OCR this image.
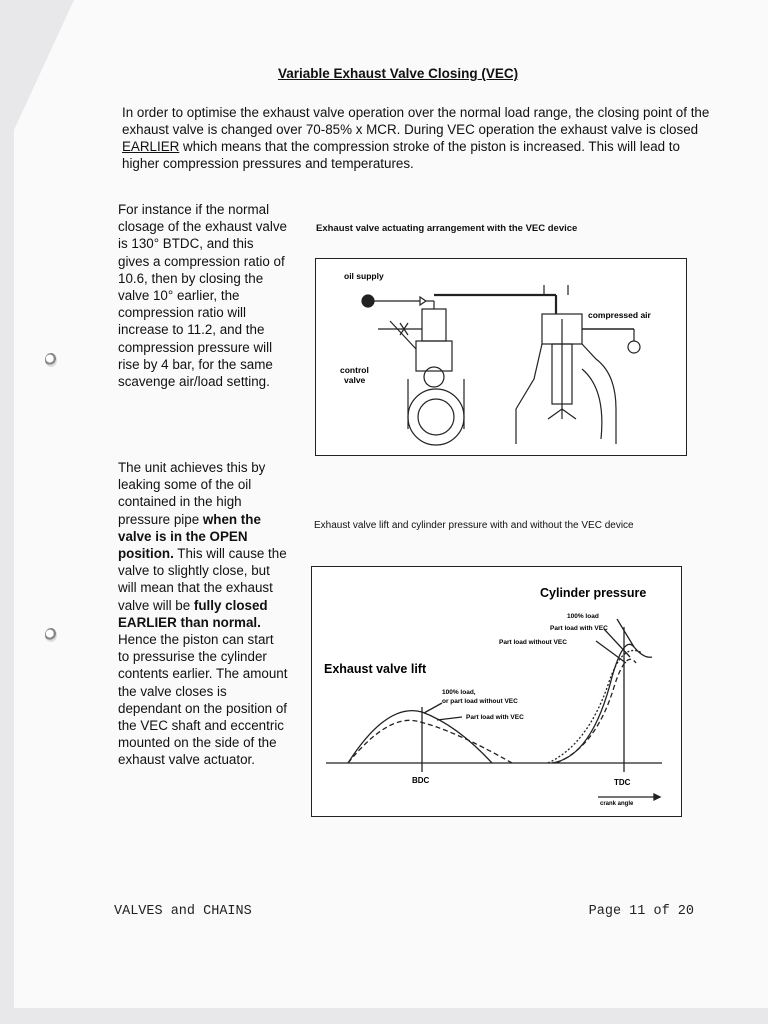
Variable Exhaust Valve Closing (VEC)
In order to optimise the exhaust valve operation over the normal load range, the closing point of the exhaust valve is changed over 70-85% x MCR. During VEC operation the exhaust valve is closed EARLIER which means that the compression stroke of the piston is increased. This will lead to higher compression pressures and temperatures.
For instance if the normal closage of the exhaust valve is 130° BTDC, and this gives a compression ratio of 10.6, then by closing the valve 10° earlier, the compression ratio will increase to 11.2, and the compression pressure will rise by 4 bar, for the same scavenge air/load setting.
The unit achieves this by leaking some of the oil contained in the high pressure pipe when the valve is in the OPEN position. This will cause the valve to slightly close, but will mean that the exhaust valve will be fully closed EARLIER than normal. Hence the piston can start to pressurise the cylinder contents earlier. The amount the valve closes is dependant on the position of the VEC shaft and eccentric mounted on the side of the exhaust valve actuator.
Exhaust valve actuating arrangement with the VEC device
oil supply
compressed air
control
valve
Exhaust valve lift and cylinder pressure with and without the VEC device
Cylinder pressure
100% load
Part load with VEC
Part load without VEC
Exhaust valve lift
100% load,
or part load without VEC
Part load with VEC
BDC	TDC
crank angle
VALVES and CHAINS	Page 11 of 20
